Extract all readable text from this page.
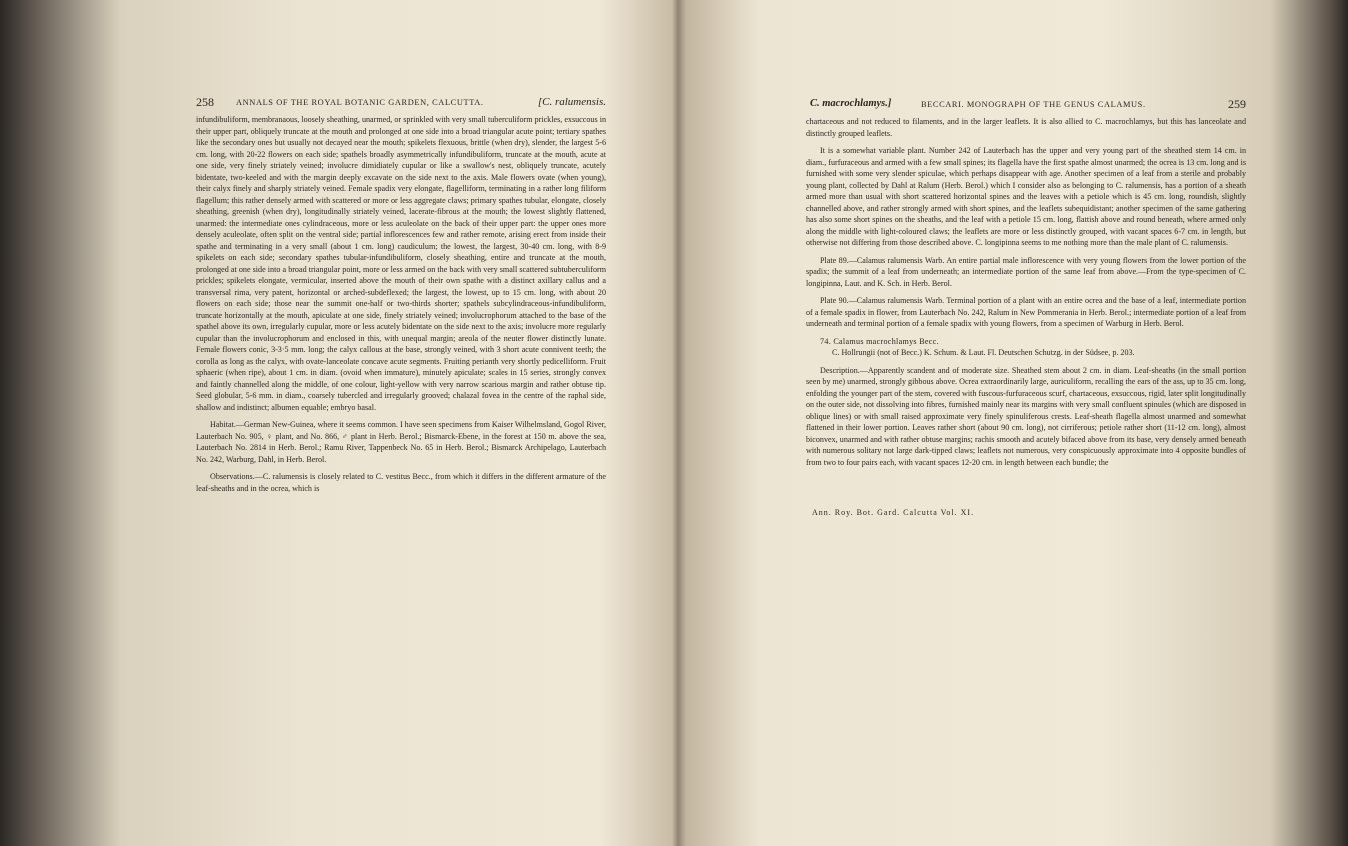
258	ANNALS OF THE ROYAL BOTANIC GARDEN, CALCUTTA.	[C. ralumensis.

infundibuliform, membranaous, loosely sheathing, unarmed, or sprinkled with very small tuberculiform prickles, exsuccous in their upper part, obliquely truncate at the mouth and prolonged at one side into a broad triangular acute point; tertiary spathes like the secondary ones but usually not decayed near the mouth; spikelets flexuous, brittle (when dry), slender, the largest 5-6 cm. long, with 20-22 flowers on each side; spathels broadly asymmetrically infundibuliform, truncate at the mouth, acute at one side, very finely striately veined; involucre dimidiately cupular or like a swallow's nest, obliquely truncate, acutely bidentate, two-keeled and with the margin deeply excavate on the side next to the axis. Male flowers ovate (when young), their calyx finely and sharply striately veined. Female spadix very elongate, flagelliform, terminating in a rather long filiform flagellum; this rather densely armed with scattered or more or less aggregate claws; primary spathes tubular, elongate, closely sheathing, greenish (when dry), longitudinally striately veined, lacerate-fibrous at the mouth; the lowest slightly flattened, unarmed: the intermediate ones cylindraceous, more or less aculeolate on the back of their upper part: the upper ones more densely aculeolate, often split on the ventral side; partial inflorescences few and rather remote, arising erect from inside their spathe and terminating in a very small (about 1 cm. long) caudiculum; the lowest, the largest, 30-40 cm. long, with 8-9 spikelets on each side; secondary spathes tubular-infundibuliform, closely sheathing, entire and truncate at the mouth, prolonged at one side into a broad triangular point, more or less armed on the back with very small scattered subtuberculiform prickles; spikelets elongate, vermicular, inserted above the mouth of their own spathe with a distinct axillary callus and a transversal rima, very patent, horizontal or arched-subdeflexed; the largest, the lowest, up to 15 cm. long, with about 20 flowers on each side; those near the summit one-half or two-thirds shorter; spathels subcylindraceous-infundibuliform, truncate horizontally at the mouth, apiculate at one side, finely striately veined; involucrophorum attached to the base of the spathel above its own, irregularly cupular, more or less acutely bidentate on the side next to the axis; involucre more regularly cupular than the involucrophorum and enclosed in this, with unequal margin; areola of the neuter flower distinctly lunate. Female flowers conic, 3-3·5 mm. long; the calyx callous at the base, strongly veined, with 3 short acute connivent teeth; the corolla as long as the calyx, with ovate-lanceolate concave acute segments. Fruiting perianth very shortly pedicelliform. Fruit sphaeric (when ripe), about 1 cm. in diam. (ovoid when immature), minutely apiculate; scales in 15 series, strongly convex and faintly channelled along the middle, of one colour, light-yellow with very narrow scarious margin and rather obtuse tip. Seed globular, 5-6 mm. in diam., coarsely tubercled and irregularly grooved; chalazal fovea in the centre of the raphal side, shallow and indistinct; albumen equable; embryo basal.

Habitat.—German New-Guinea, where it seems common. I have seen specimens from Kaiser Wilhelmsland, Gogol River, Lauterbach No. 905, ♀ plant, and No. 866, ♂ plant in Herb. Berol.; Bismarck-Ebene, in the forest at 150 m. above the sea, Lauterbach No. 2814 in Herb. Berol.; Ramu River, Tappenbeck No. 65 in Herb. Berol.; Bismarck Archipelago, Lauterbach No. 242, Warburg, Dahl, in Herb. Berol.

Observations.—C. ralumensis is closely related to C. vestitus Becc., from which it differs in the different armature of the leaf-sheaths and in the ocrea, which is

C. macrochlamys.]	BECCARI. MONOGRAPH OF THE GENUS CALAMUS.	259

chartaceous and not reduced to filaments, and in the larger leaflets. It is also allied to C. macrochlamys, but this has lanceolate and distinctly grouped leaflets.

It is a somewhat variable plant. Number 242 of Lauterbach has the upper and very young part of the sheathed stem 14 cm. in diam., furfuraceous and armed with a few small spines; its flagella have the first spathe almost unarmed; the ocrea is 13 cm. long and is furnished with some very slender spiculae, which perhaps disappear with age. Another specimen of a leaf from a sterile and probably young plant, collected by Dahl at Ralum (Herb. Berol.) which I consider also as belonging to C. ralumensis, has a portion of a sheath armed more than usual with short scattered horizontal spines and the leaves with a petiole which is 45 cm. long, roundish, slightly channelled above, and rather strongly armed with short spines, and the leaflets subequidistant; another specimen of the same gathering has also some short spines on the sheaths, and the leaf with a petiole 15 cm. long, flattish above and round beneath, where armed only along the middle with light-coloured claws; the leaflets are more or less distinctly grouped, with vacant spaces 6-7 cm. in length, but otherwise not differing from those described above. C. longipinna seems to me nothing more than the male plant of C. ralumensis.

Plate 89.—Calamus ralumensis Warb. An entire partial male inflorescence with very young flowers from the lower portion of the spadix; the summit of a leaf from underneath; an intermediate portion of the same leaf from above.—From the type-specimen of C. longipinna, Laut. and K. Sch. in Herb. Berol.

Plate 90.—Calamus ralumensis Warb. Terminal portion of a plant with an entire ocrea and the base of a leaf, intermediate portion of a female spadix in flower, from Lauterbach No. 242, Ralum in New Pommerania in Herb. Berol.; intermediate portion of a leaf from underneath and terminal portion of a female spadix with young flowers, from a specimen of Warburg in Herb. Berol.

74. Calamus macrochlamys Becc.

C. Hollrungii (not of Becc.) K. Schum. & Laut. Fl. Deutschen Schutzg. in der Südsee, p. 203.

Description.—Apparently scandent and of moderate size. Sheathed stem about 2 cm. in diam. Leaf-sheaths (in the small portion seen by me) unarmed, strongly gibbous above. Ocrea extraordinarily large, auriculiform, recalling the ears of the ass, up to 35 cm. long, enfolding the younger part of the stem, covered with fuscous-furfuraceous scurf, chartaceous, exsuccous, rigid, later split longitudinally on the outer side, not dissolving into fibres, furnished mainly near its margins with very small confluent spinules (which are disposed in oblique lines) or with small raised approximate very finely spinuliferous crests. Leaf-sheath flagella almost unarmed and somewhat flattened in their lower portion. Leaves rather short (about 90 cm. long), not cirriferous; petiole rather short (11-12 cm. long), almost biconvex, unarmed and with rather obtuse margins; rachis smooth and acutely bifaced above from its base, very densely armed beneath with numerous solitary not large dark-tipped claws; leaflets not numerous, very conspicuously approximate into 4 opposite bundles of from two to four pairs each, with vacant spaces 12-20 cm. in length between each bundle; the

Ann. Roy. Bot. Gard. Calcutta Vol. XI.
